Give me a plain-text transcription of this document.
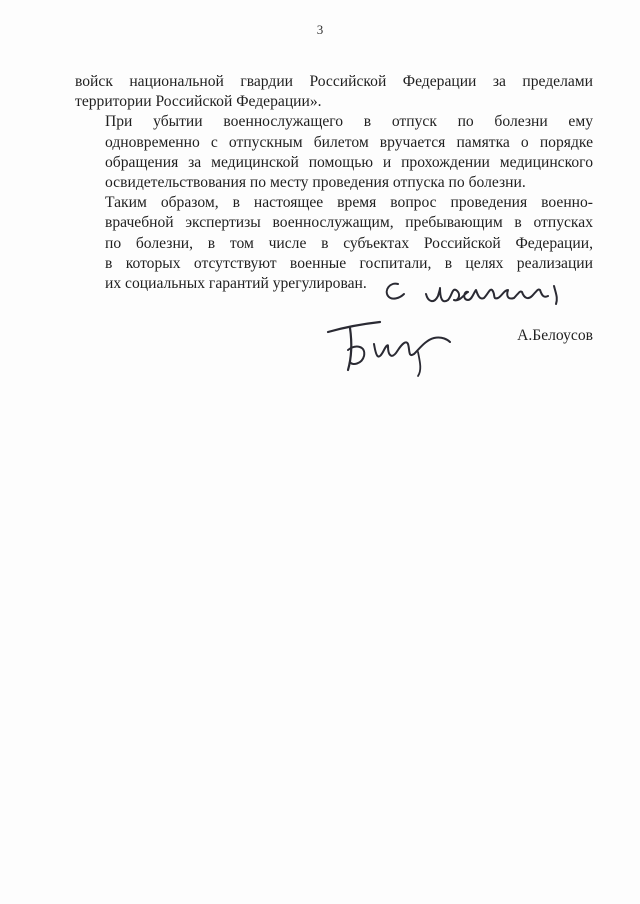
3

войск национальной гвардии Российской Федерации за пределами
территории Российской Федерации».

При убытии военнослужащего в отпуск по болезни ему
одновременно с отпускным билетом вручается памятка о порядке
обращения за медицинской помощью и прохождении медицинского
освидетельствования по месту проведения отпуска по болезни.

Таким образом, в настоящее время вопрос проведения военно-
врачебной экспертизы военнослужащим, пребывающим в отпусках
по болезни, в том числе в субъектах Российской Федерации,
в которых отсутствуют военные госпитали, в целях реализации
их социальных гарантий урегулирован.

А.Белоусов
